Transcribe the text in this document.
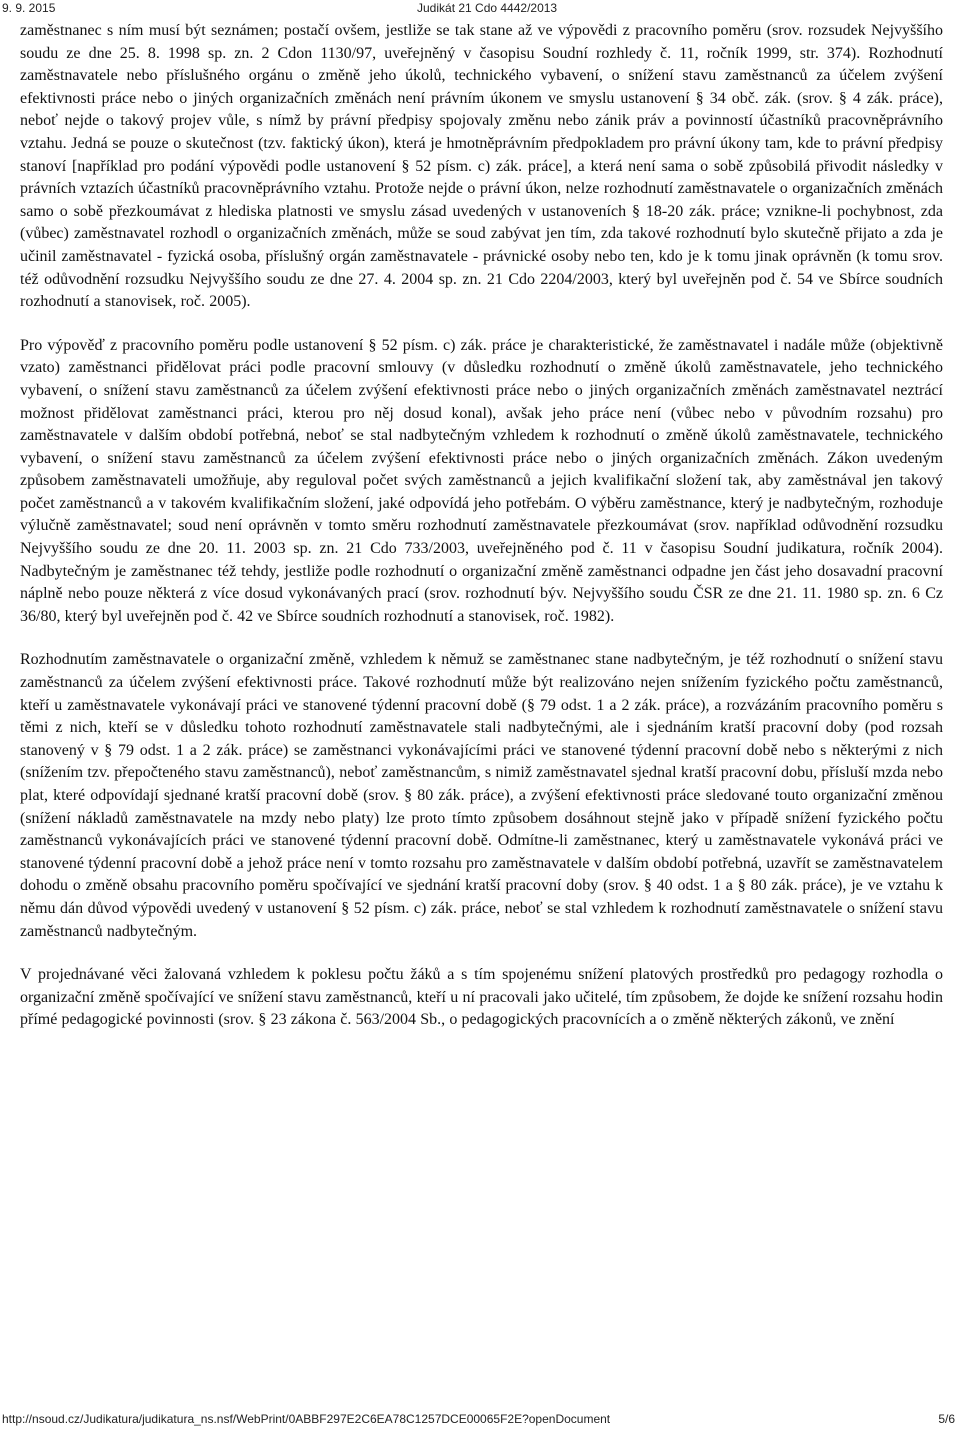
9. 9. 2015	Judikát 21 Cdo 4442/2013

zaměstnanec s ním musí být seznámen; postačí ovšem, jestliže se tak stane až ve výpovědi z pracovního poměru (srov. rozsudek Nejvyššího soudu ze dne 25. 8. 1998 sp. zn. 2 Cdon 1130/97, uveřejněný v časopisu Soudní rozhledy č. 11, ročník 1999, str. 374). Rozhodnutí zaměstnavatele nebo příslušného orgánu o změně jeho úkolů, technického vybavení, o snížení stavu zaměstnanců za účelem zvýšení efektivnosti práce nebo o jiných organizačních změnách není právním úkonem ve smyslu ustanovení § 34 obč. zák. (srov. § 4 zák. práce), neboť nejde o takový projev vůle, s nímž by právní předpisy spojovaly změnu nebo zánik práv a povinností účastníků pracovněprávního vztahu. Jedná se pouze o skutečnost (tzv. faktický úkon), která je hmotněprávním předpokladem pro právní úkony tam, kde to právní předpisy stanoví [například pro podání výpovědi podle ustanovení § 52 písm. c) zák. práce], a která není sama o sobě způsobilá přivodit následky v právních vztazích účastníků pracovněprávního vztahu. Protože nejde o právní úkon, nelze rozhodnutí zaměstnavatele o organizačních změnách samo o sobě přezkoumávat z hlediska platnosti ve smyslu zásad uvedených v ustanoveních § 18-20 zák. práce; vznikne-li pochybnost, zda (vůbec) zaměstnavatel rozhodl o organizačních změnách, může se soud zabývat jen tím, zda takové rozhodnutí bylo skutečně přijato a zda je učinil zaměstnavatel - fyzická osoba, příslušný orgán zaměstnavatele - právnické osoby nebo ten, kdo je k tomu jinak oprávněn (k tomu srov. též odůvodnění rozsudku Nejvyššího soudu ze dne 27. 4. 2004 sp. zn. 21 Cdo 2204/2003, který byl uveřejněn pod č. 54 ve Sbírce soudních rozhodnutí a stanovisek, roč. 2005).

Pro výpověď z pracovního poměru podle ustanovení § 52 písm. c) zák. práce je charakteristické, že zaměstnavatel i nadále může (objektivně vzato) zaměstnanci přidělovat práci podle pracovní smlouvy (v důsledku rozhodnutí o změně úkolů zaměstnavatele, jeho technického vybavení, o snížení stavu zaměstnanců za účelem zvýšení efektivnosti práce nebo o jiných organizačních změnách zaměstnavatel neztrácí možnost přidělovat zaměstnanci práci, kterou pro něj dosud konal), avšak jeho práce není (vůbec nebo v původním rozsahu) pro zaměstnavatele v dalším období potřebná, neboť se stal nadbytečným vzhledem k rozhodnutí o změně úkolů zaměstnavatele, technického vybavení, o snížení stavu zaměstnanců za účelem zvýšení efektivnosti práce nebo o jiných organizačních změnách. Zákon uvedeným způsobem zaměstnavateli umožňuje, aby reguloval počet svých zaměstnanců a jejich kvalifikační složení tak, aby zaměstnával jen takový počet zaměstnanců a v takovém kvalifikačním složení, jaké odpovídá jeho potřebám. O výběru zaměstnance, který je nadbytečným, rozhoduje výlučně zaměstnavatel; soud není oprávněn v tomto směru rozhodnutí zaměstnavatele přezkoumávat (srov. například odůvodnění rozsudku Nejvyššího soudu ze dne 20. 11. 2003 sp. zn. 21 Cdo 733/2003, uveřejněného pod č. 11 v časopisu Soudní judikatura, ročník 2004). Nadbytečným je zaměstnanec též tehdy, jestliže podle rozhodnutí o organizační změně zaměstnanci odpadne jen část jeho dosavadní pracovní náplně nebo pouze některá z více dosud vykonávaných prací (srov. rozhodnutí býv. Nejvyššího soudu ČSR ze dne 21. 11. 1980 sp. zn. 6 Cz 36/80, který byl uveřejněn pod č. 42 ve Sbírce soudních rozhodnutí a stanovisek, roč. 1982).

Rozhodnutím zaměstnavatele o organizační změně, vzhledem k němuž se zaměstnanec stane nadbytečným, je též rozhodnutí o snížení stavu zaměstnanců za účelem zvýšení efektivnosti práce. Takové rozhodnutí může být realizováno nejen snížením fyzického počtu zaměstnanců, kteří u zaměstnavatele vykonávají práci ve stanovené týdenní pracovní době (§ 79 odst. 1 a 2 zák. práce), a rozvázáním pracovního poměru s těmi z nich, kteří se v důsledku tohoto rozhodnutí zaměstnavatele stali nadbytečnými, ale i sjednáním kratší pracovní doby (pod rozsah stanovený v § 79 odst. 1 a 2 zák. práce) se zaměstnanci vykonávajícími práci ve stanovené týdenní pracovní době nebo s některými z nich (snížením tzv. přepočteného stavu zaměstnanců), neboť zaměstnancům, s nimiž zaměstnavatel sjednal kratší pracovní dobu, přísluší mzda nebo plat, které odpovídají sjednané kratší pracovní době (srov. § 80 zák. práce), a zvýšení efektivnosti práce sledované touto organizační změnou (snížení nákladů zaměstnavatele na mzdy nebo platy) lze proto tímto způsobem dosáhnout stejně jako v případě snížení fyzického počtu zaměstnanců vykonávajících práci ve stanovené týdenní pracovní době. Odmítne-li zaměstnanec, který u zaměstnavatele vykonává práci ve stanovené týdenní pracovní době a jehož práce není v tomto rozsahu pro zaměstnavatele v dalším období potřebná, uzavřít se zaměstnavatelem dohodu o změně obsahu pracovního poměru spočívající ve sjednání kratší pracovní doby (srov. § 40 odst. 1 a § 80 zák. práce), je ve vztahu k němu dán důvod výpovědi uvedený v ustanovení § 52 písm. c) zák. práce, neboť se stal vzhledem k rozhodnutí zaměstnavatele o snížení stavu zaměstnanců nadbytečným.

V projednávané věci žalovaná vzhledem k poklesu počtu žáků a s tím spojenému snížení platových prostředků pro pedagogy rozhodla o organizační změně spočívající ve snížení stavu zaměstnanců, kteří u ní pracovali jako učitelé, tím způsobem, že dojde ke snížení rozsahu hodin přímé pedagogické povinnosti (srov. § 23 zákona č. 563/2004 Sb., o pedagogických pracovnících a o změně některých zákonů, ve znění

http://nsoud.cz/Judikatura/judikatura_ns.nsf/WebPrint/0ABBF297E2C6EA78C1257DCE00065F2E?openDocument	5/6
